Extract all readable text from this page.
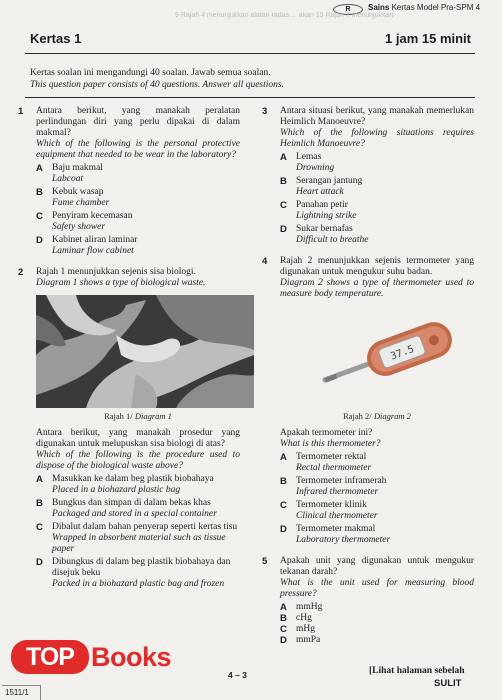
R	Sains Kertas Model Pra-SPM 4
9 Rajah 4 menunjukkan alatan radas ... akan 15 Rajah 7 menunjukkan
Kertas 1	1 jam 15 minit
Kertas soalan ini mengandungi 40 soalan. Jawab semua soalan.
This question paper consists of 40 questions. Answer all questions.
1 Antara berikut, yang manakah peralatan perlindungan diri yang perlu dipakai di dalam makmal?
Which of the following is the personal protective equipment that needed to be wear in the laboratory?
A Baju makmal
Labcoat
B Kebuk wasap
Fume chamber
C Penyiram kecemasan
Safety shower
D Kabinet aliran laminar
Laminar flow cabinet
2 Rajah 1 menunjukkan sejenis sisa biologi.
Diagram 1 shows a type of biological waste.
Rajah 1/ Diagram 1
Antara berikut, yang manakah prosedur yang digunakan untuk melupuskan sisa biologi di atas?
Which of the following is the procedure used to dispose of the biological waste above?
A Masukkan ke dalam beg plastik biobahaya
Placed in a biohazard plastic bag
B Bungkus dan simpan di dalam bekas khas
Packaged and stored in a special container
C Dibalut dalam bahan penyerap seperti kertas tisu
Wrapped in absorbent material such as tissue paper
D Dibungkus di dalam beg plastik biobahaya dan disejuk beku
Packed in a biohazard plastic bag and frozen
3 Antara situasi berikut, yang manakah memerlukan Heimlich Manoeuvre?
Which of the following situations requires Heimlich Manoeuvre?
A Lemas
Drowning
B Serangan jantung
Heart attack
C Panahan petir
Lightning strike
D Sukar bernafas
Difficult to breathe
4 Rajah 2 menunjukkan sejenis termometer yang digunakan untuk mengukur suhu badan.
Diagram 2 shows a type of thermometer used to measure body temperature.
37.5
Rajah 2/ Diagram 2
Apakah termometer ini?
What is this thermometer?
A Termometer rektal
Rectal thermometer
B Termometer inframerah
Infrared thermometer
C Termometer klinik
Clinical thermometer
D Termometer makmal
Laboratory thermometer
5 Apakah unit yang digunakan untuk mengukur tekanan darah?
What is the unit used for measuring blood pressure?
A mmHg
B cHg
C mHg
D mmPa
4 – 3	[Lihat halaman sebelah
SULIT
1511/1
TOP Books
